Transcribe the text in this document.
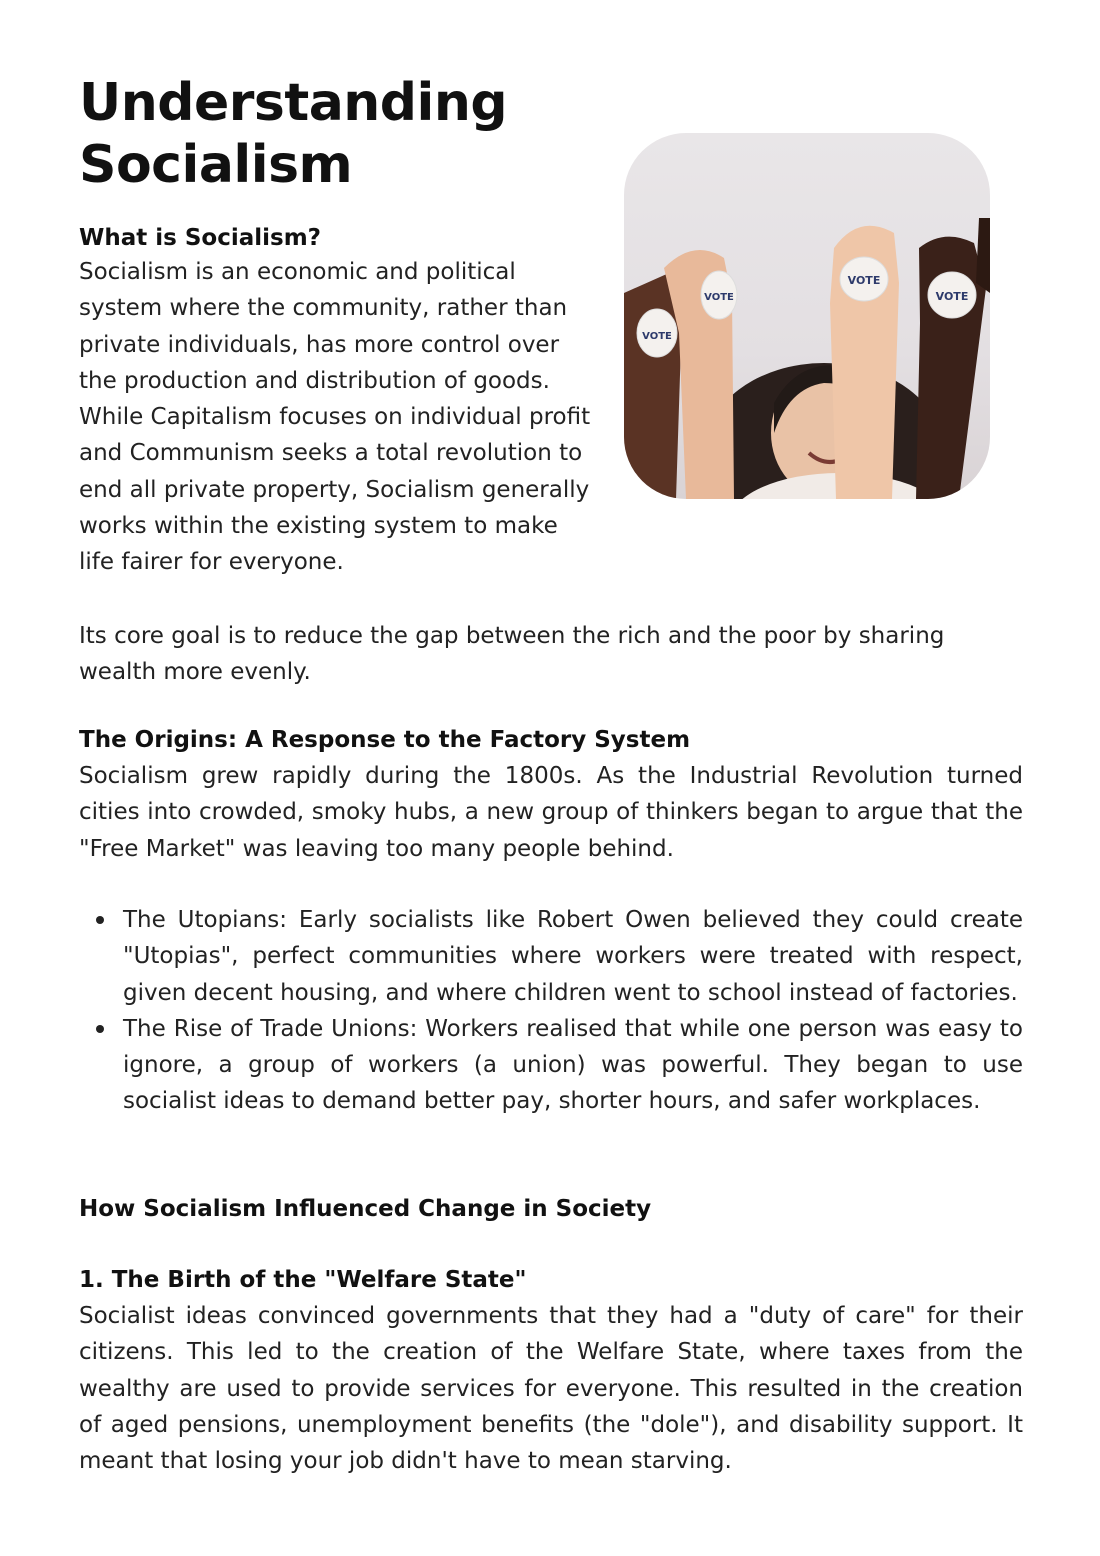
Understanding
Socialism
What is Socialism?

Socialism is an economic and political system where the community, rather than private individuals, has more control over the production and distribution of goods. While Capitalism focuses on individual profit and Communism seeks a total revolution to end all private property, Socialism generally works within the existing system to make life fairer for everyone.

VOTE
VOTE
VOTE
VOTE

Its core goal is to reduce the gap between the rich and the poor by sharing wealth more evenly.

The Origins: A Response to the Factory System

Socialism grew rapidly during the 1800s. As the Industrial Revolution turned cities into crowded, smoky hubs, a new group of thinkers began to argue that the "Free Market" was leaving too many people behind.

The Utopians: Early socialists like Robert Owen believed they could create "Utopias", perfect communities where workers were treated with respect, given decent housing, and where children went to school instead of factories.
The Rise of Trade Unions: Workers realised that while one person was easy to ignore, a group of workers (a union) was powerful. They began to use socialist ideas to demand better pay, shorter hours, and safer workplaces.
How Socialism Influenced Change in Society
1. The Birth of the "Welfare State"

Socialist ideas convinced governments that they had a "duty of care" for their citizens. This led to the creation of the Welfare State, where taxes from the wealthy are used to provide services for everyone. This resulted in the creation of aged pensions, unemployment benefits (the "dole"), and disability support. It meant that losing your job didn't have to mean starving.
